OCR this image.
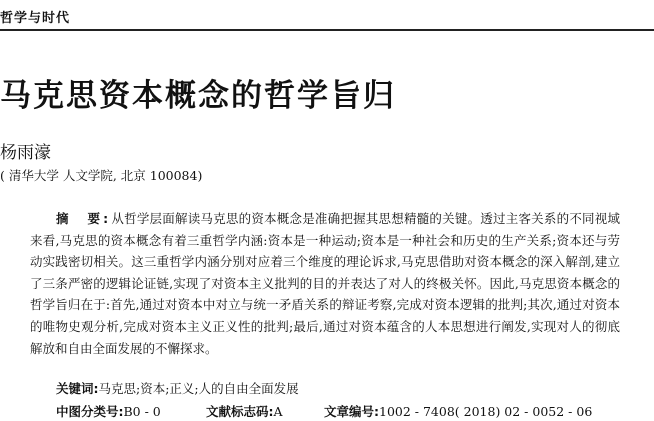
哲学与时代
马克思资本概念的哲学旨归
杨雨濠
( 清华大学 人文学院, 北京 100084)

摘　要:从哲学层面解读马克思的资本概念是准确把握其思想精髓的关键。透过主客关系的不同视域来看,马克思的资本概念有着三重哲学内涵:资本是一种运动;资本是一种社会和历史的生产关系;资本还与劳动实践密切相关。这三重哲学内涵分别对应着三个维度的理论诉求,马克思借助对资本概念的深入解剖,建立了三条严密的逻辑论证链,实现了对资本主义批判的目的并表达了对人的终极关怀。因此,马克思资本概念的哲学旨归在于:首先,通过对资本中对立与统一矛盾关系的辩证考察,完成对资本逻辑的批判;其次,通过对资本的唯物史观分析,完成对资本主义正义性的批判;最后,通过对资本蕴含的人本思想进行阐发,实现对人的彻底解放和自由全面发展的不懈探求。

关键词:马克思;资本;正义;人的自由全面发展
中图分类号:B0 - 0	文献标志码:A	文章编号:1002 - 7408( 2018) 02 - 0052 - 06
